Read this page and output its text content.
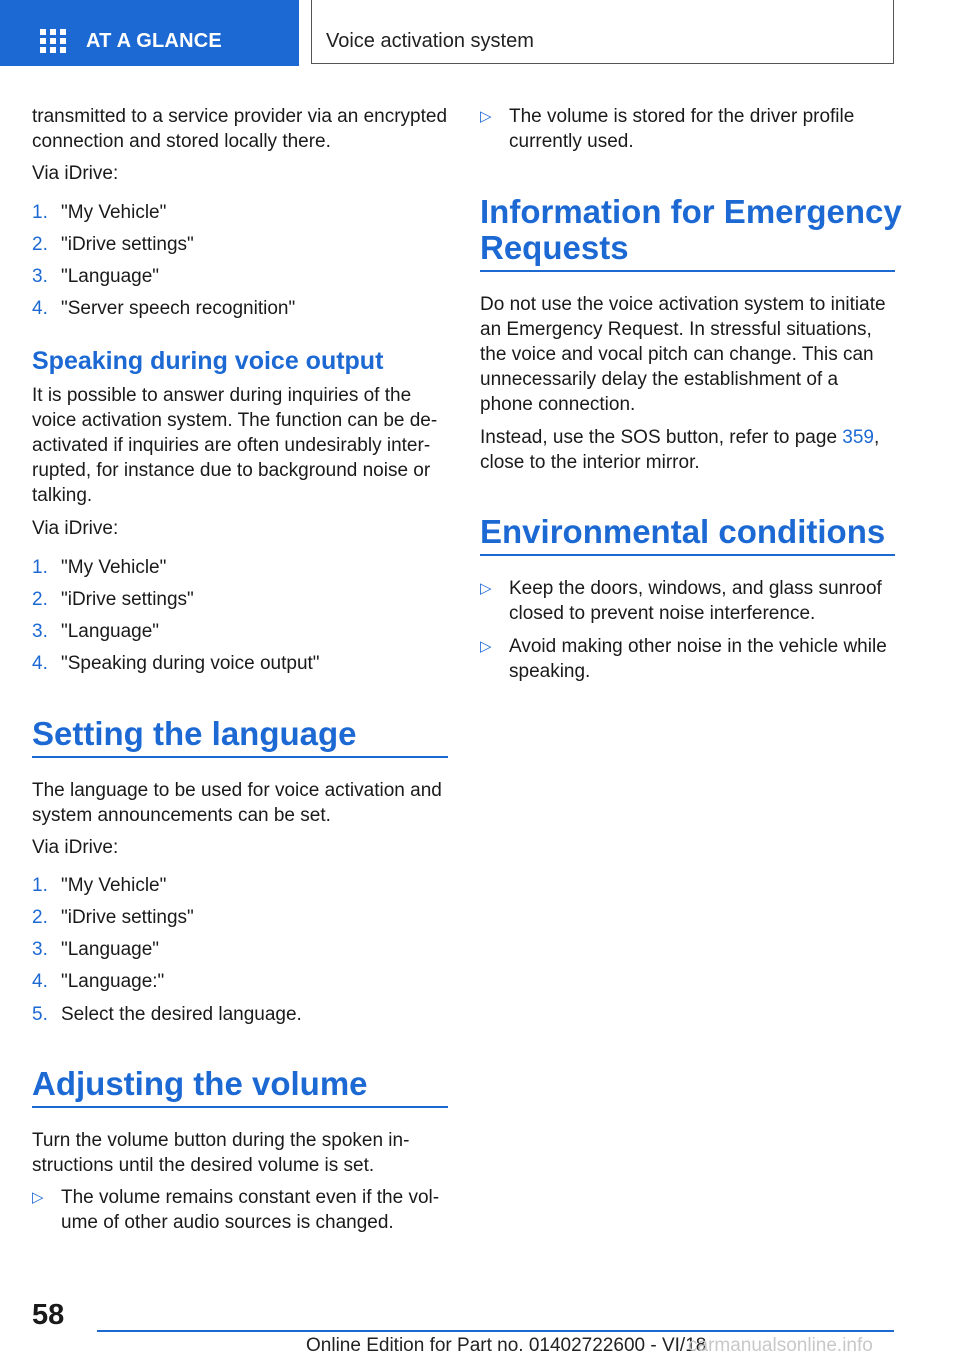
AT A GLANCE	Voice activation system

transmitted to a service provider via an encrypted

connection and stored locally there.

Via iDrive:

1. "My Vehicle"
2. "iDrive settings"
3. "Language"
4. "Server speech recognition"
Speaking during voice output

It is possible to answer during inquiries of the

voice activation system. The function can be de‐

activated if inquiries are often undesirably inter‐

rupted, for instance due to background noise or

talking.

Via iDrive:

1. "My Vehicle"
2. "iDrive settings"
3. "Language"
4. "Speaking during voice output"
Setting the language

The language to be used for voice activation and

system announcements can be set.

Via iDrive:

1. "My Vehicle"
2. "iDrive settings"
3. "Language"
4. "Language:"
5. Select the desired language.
Adjusting the volume

Turn the volume button during the spoken in‐

structions until the desired volume is set.

▷ The volume remains constant even if the vol‐
ume of other audio sources is changed.
▷ The volume is stored for the driver profile
currently used.
Information for Emergency
Requests

Do not use the voice activation system to initiate

an Emergency Request. In stressful situations,

the voice and vocal pitch can change. This can

unnecessarily delay the establishment of a

phone connection.

Instead, use the SOS button, refer to page 359,

close to the interior mirror.

Environmental conditions
▷ Keep the doors, windows, and glass sunroof
closed to prevent noise interference.
▷ Avoid making other noise in the vehicle while
speaking.
58
Online Edition for Part no. 01402722600 - VI/18
carmanualsonline.info
